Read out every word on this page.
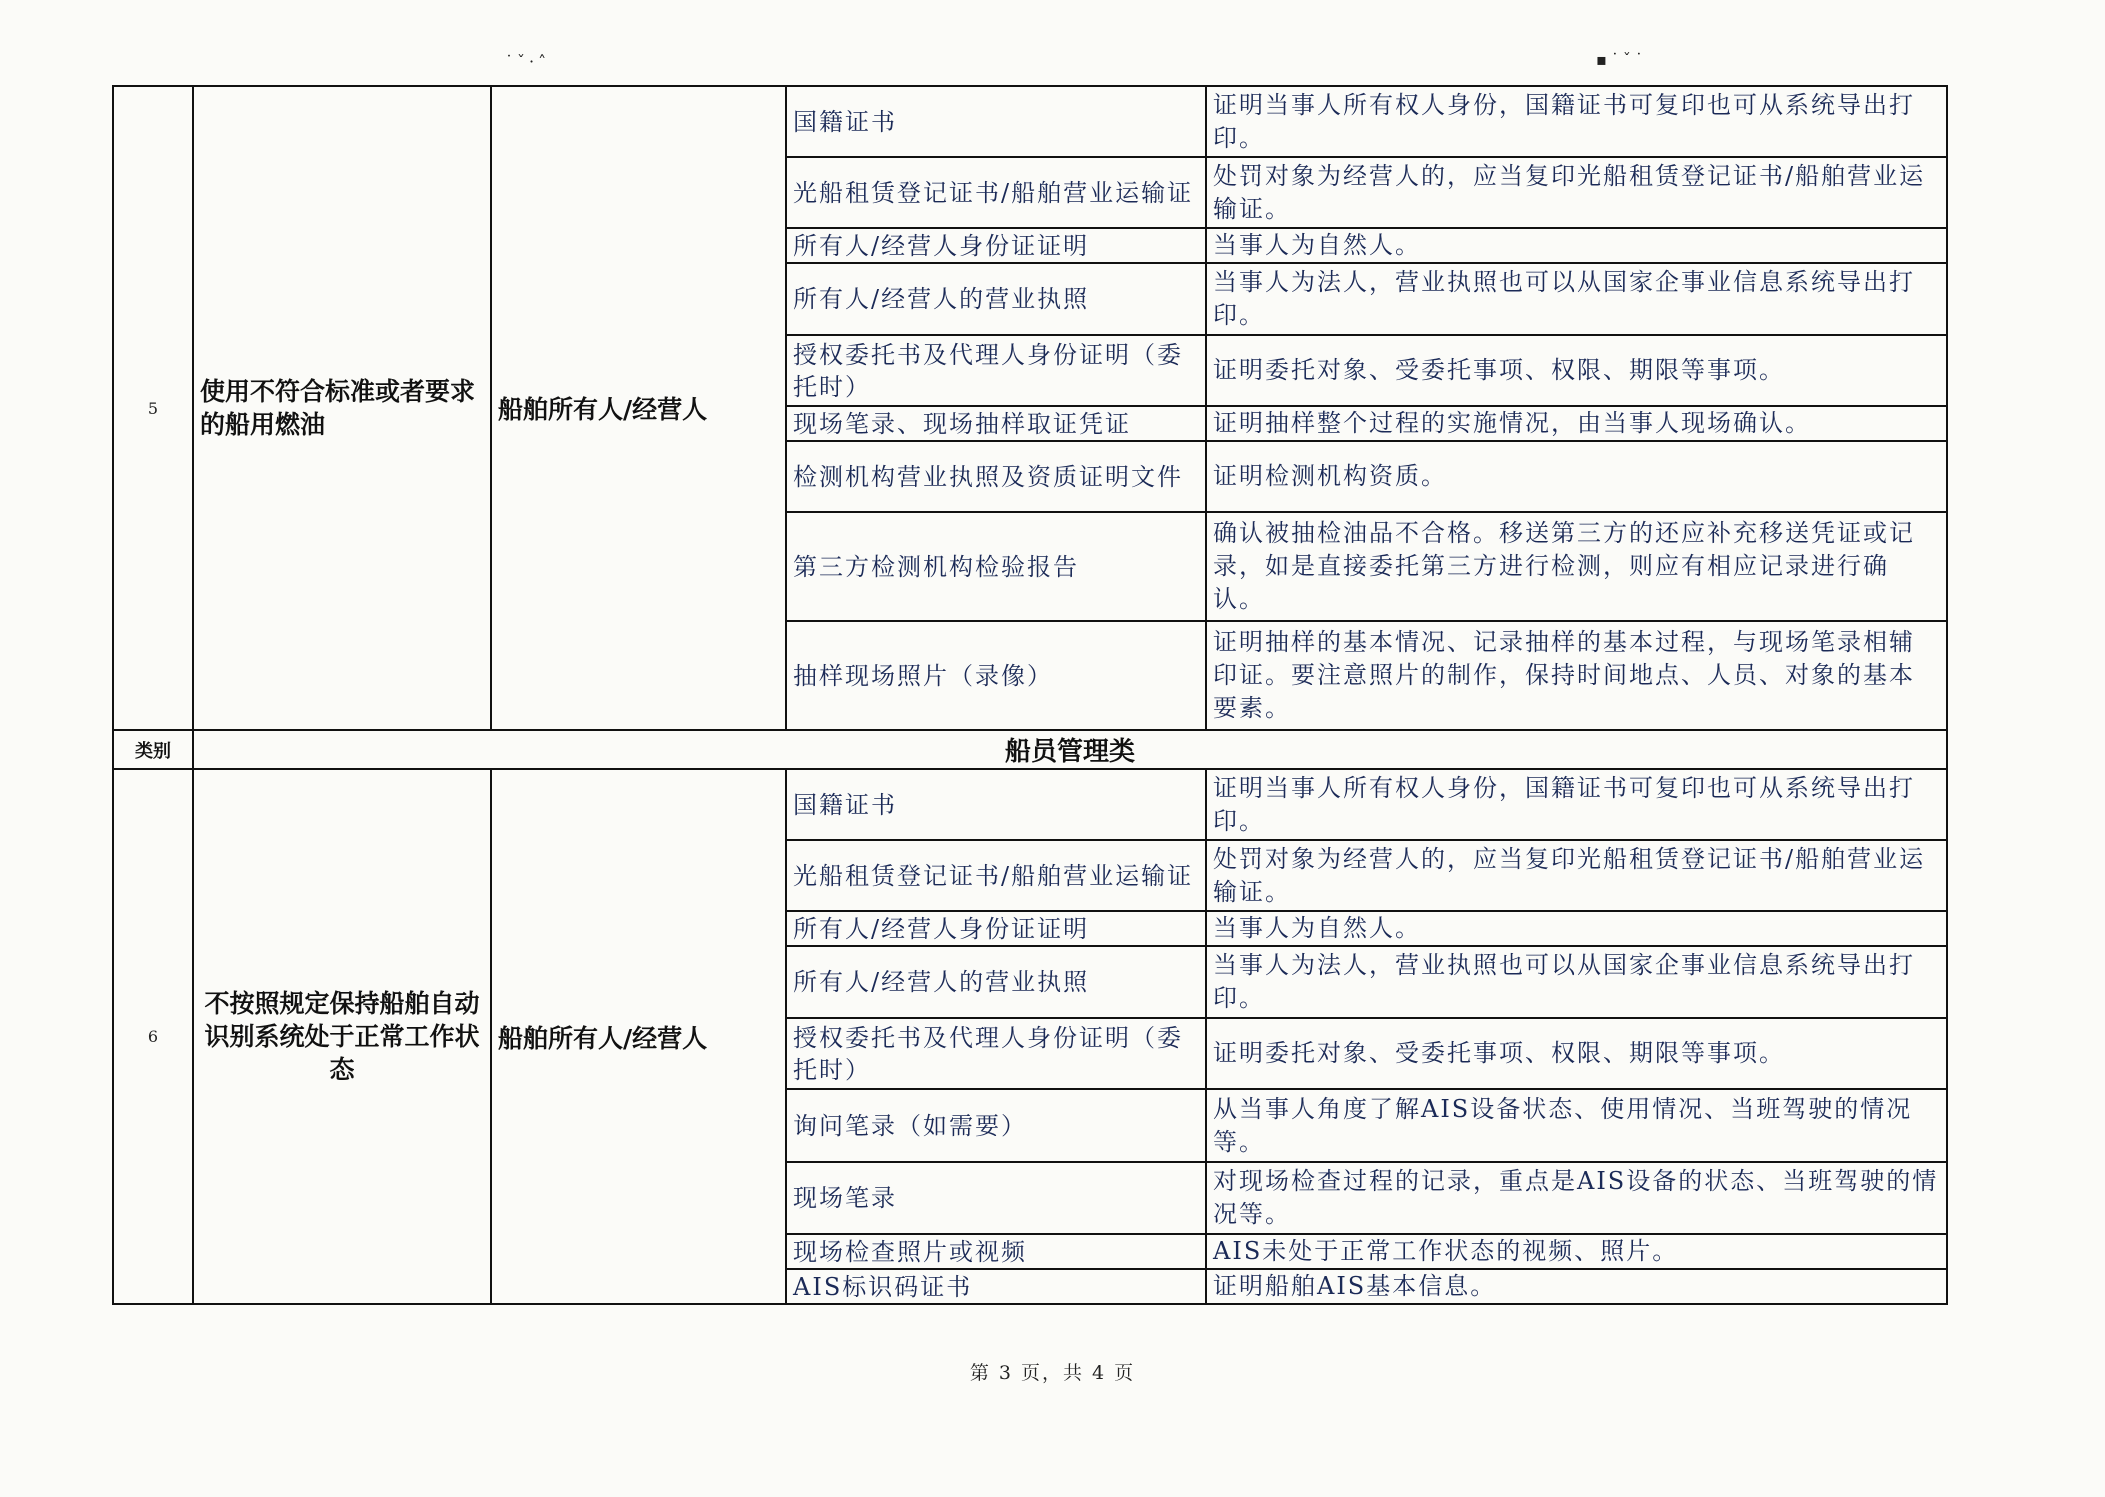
˙ˇ·˄	▪˙ˇ˙
5	使用不符合标准或者要求的船用燃油	船舶所有人/经营人	国籍证书	证明当事人所有权人身份，国籍证书可复印也可从系统导出打印。
			光船租赁登记证书/船舶营业运输证	处罚对象为经营人的，应当复印光船租赁登记证书/船舶营业运输证。
			所有人/经营人身份证证明	当事人为自然人。
			所有人/经营人的营业执照	当事人为法人，营业执照也可以从国家企事业信息系统导出打印。
			授权委托书及代理人身份证明（委托时）	证明委托对象、受委托事项、权限、期限等事项。
			现场笔录、现场抽样取证凭证	证明抽样整个过程的实施情况，由当事人现场确认。
			检测机构营业执照及资质证明文件	证明检测机构资质。
			第三方检测机构检验报告	确认被抽检油品不合格。移送第三方的还应补充移送凭证或记录，如是直接委托第三方进行检测，则应有相应记录进行确认。
			抽样现场照片（录像）	证明抽样的基本情况、记录抽样的基本过程，与现场笔录相辅印证。要注意照片的制作，保持时间地点、人员、对象的基本要素。
类别	船员管理类			
6	不按照规定保持船舶自动识别系统处于正常工作状态	船舶所有人/经营人	国籍证书	证明当事人所有权人身份，国籍证书可复印也可从系统导出打印。
			光船租赁登记证书/船舶营业运输证	处罚对象为经营人的，应当复印光船租赁登记证书/船舶营业运输证。
			所有人/经营人身份证证明	当事人为自然人。
			所有人/经营人的营业执照	当事人为法人，营业执照也可以从国家企事业信息系统导出打印。
			授权委托书及代理人身份证明（委托时）	证明委托对象、受委托事项、权限、期限等事项。
			询问笔录（如需要）	从当事人角度了解AIS设备状态、使用情况、当班驾驶的情况等。
			现场笔录	对现场检查过程的记录，重点是AIS设备的状态、当班驾驶的情况等。
			现场检查照片或视频	AIS未处于正常工作状态的视频、照片。
			AIS标识码证书	证明船舶AIS基本信息。
第 3 页，共 4 页
